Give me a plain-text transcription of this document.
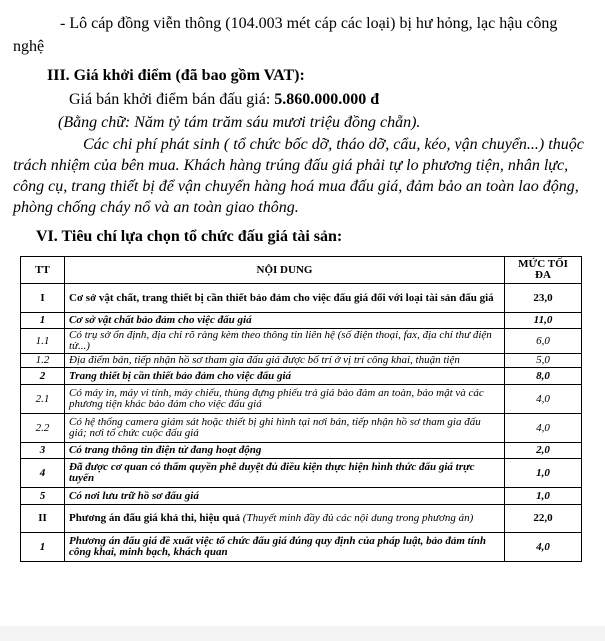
- Lô cáp đồng viễn thông (104.003 mét cáp các loại) bị hư hỏng, lạc hậu công
nghệ
III. Giá khởi điểm (đã bao gồm VAT):
Giá bán khởi điểm bán đấu giá: 5.860.000.000 đ
(Bằng chữ: Năm tỷ tám trăm sáu mươi triệu đồng chẵn).
Các chi phí phát sinh ( tổ chức bốc dỡ, tháo dỡ, cẩu, kéo, vận chuyển...) thuộc trách nhiệm của bên mua. Khách hàng trúng đấu giá phải tự lo phương tiện, nhân lực, công cụ, trang thiết bị để vận chuyển hàng hoá mua đấu giá, đảm bảo an toàn lao động, phòng chống cháy nổ và an toàn giao thông.
VI. Tiêu chí lựa chọn tổ chức đấu giá tài sản:
TT	NỘI DUNG	MỨC TỐI ĐA
I	Cơ sở vật chất, trang thiết bị cần thiết bảo đảm cho việc đấu giá đối với loại tài sản đấu giá	23,0
1	Cơ sở vật chất bảo đảm cho việc đấu giá	11,0
1.1	Có trụ sở ổn định, địa chỉ rõ ràng kèm theo thông tin liên hệ (số điện thoại, fax, địa chỉ thư điện tử...)	6,0
1.2	Địa điểm bán, tiếp nhận hồ sơ tham gia đấu giá được bố trí ở vị trí công khai, thuận tiện	5,0
2	Trang thiết bị cần thiết bảo đảm cho việc đấu giá	8,0
2.1	Có máy in, máy vi tính, máy chiếu, thùng đựng phiếu trả giá bảo đảm an toàn, bảo mật và các phương tiện khác bảo đảm cho việc đấu giá	4,0
2.2	Có hệ thống camera giám sát hoặc thiết bị ghi hình tại nơi bán, tiếp nhận hồ sơ tham gia đấu giá; nơi tổ chức cuộc đấu giá	4,0
3	Có trang thông tin điện tử đang hoạt động	2,0
4	Đã được cơ quan có thẩm quyền phê duyệt đủ điều kiện thực hiện hình thức đấu giá trực tuyến	1,0
5	Có nơi lưu trữ hồ sơ đấu giá	1,0
II	Phương án đấu giá khả thi, hiệu quả (Thuyết minh đầy đủ các nội dung trong phương án)	22,0
1	Phương án đấu giá đề xuất việc tổ chức đấu giá đúng quy định của pháp luật, bảo đảm tính công khai, minh bạch, khách quan	4,0
